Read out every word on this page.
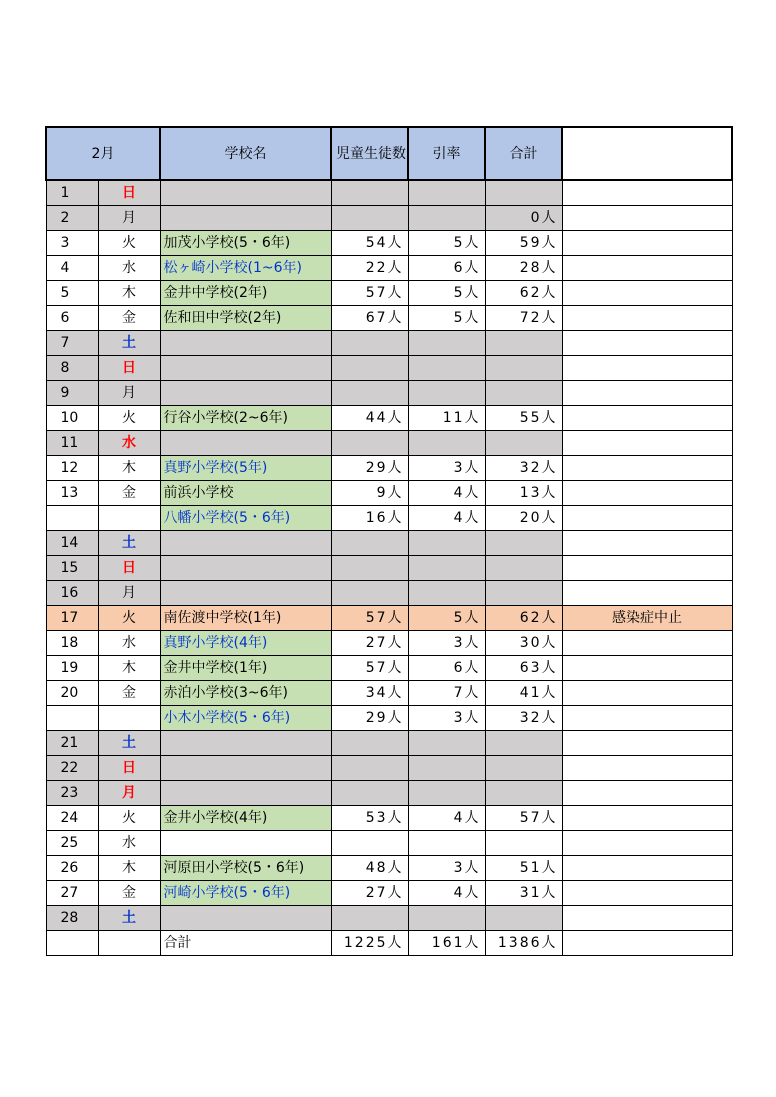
2月		学校名	児童生徒数	引率	合計	
1	日					
2	月				0人	
3	火	加茂小学校(5・6年)	54人	5人	59人	
4	水	松ヶ崎小学校(1~6年)	22人	6人	28人	
5	木	金井中学校(2年)	57人	5人	62人	
6	金	佐和田中学校(2年)	67人	5人	72人	
7	土					
8	日					
9	月					
10	火	行谷小学校(2~6年)	44人	11人	55人	
11	水					
12	木	真野小学校(5年)	29人	3人	32人	
13	金	前浜小学校	9人	4人	13人	
		八幡小学校(5・6年)	16人	4人	20人	
14	土					
15	日					
16	月					
17	火	南佐渡中学校(1年)	57人	5人	62人	感染症中止
18	水	真野小学校(4年)	27人	3人	30人	
19	木	金井中学校(1年)	57人	6人	63人	
20	金	赤泊小学校(3~6年)	34人	7人	41人	
		小木小学校(5・6年)	29人	3人	32人	
21	土					
22	日					
23	月					
24	火	金井小学校(4年)	53人	4人	57人	
25	水					
26	木	河原田小学校(5・6年)	48人	3人	51人	
27	金	河崎小学校(5・6年)	27人	4人	31人	
28	土					
		合計	1225人	161人	1386人	
